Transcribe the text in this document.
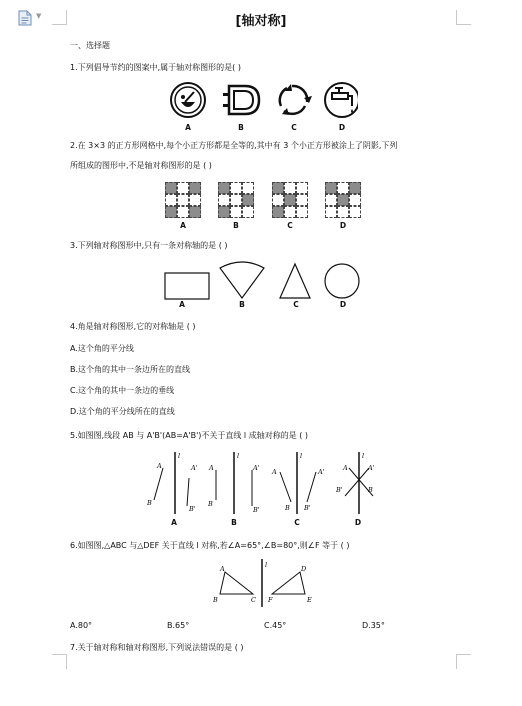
▼	[轴对称]
一、选择题
1.下列倡导节约的图案中,属于轴对称图形的是( )
A	B	C	D
2.在 3×3 的正方形网格中,每个小正方形都是全等的,其中有 3 个小正方形被涂上了阴影,下列
所组成的图形中,不是轴对称图形的是 ( )
A	B	C	D
3.下列轴对称图形中,只有一条对称轴的是 ( )
A	B	C	D
4.角是轴对称图形,它的对称轴是 ( )
A.这个角的平分线
B.这个角的其中一条边所在的直线
C.这个角的其中一条边的垂线
D.这个角的平分线所在的直线
5.如图图,线段 AB 与 A'B'(AB=A'B')不关于直线 l 成轴对称的是 ( )
l
A
B
A'
B'
l
A
B
A'
B'
l
A
B
A'
B'
l
A	A'
B'	B
A	B	C	D
6.如图图,△ABC 与△DEF 关于直线 l 对称,若∠A=65°,∠B=80°,则∠F 等于 ( )
l
A
B	C
D
E
F
A.80°	B.65°	C.45°	D.35°
7.关于轴对称和轴对称图形,下列说法错误的是 ( )
